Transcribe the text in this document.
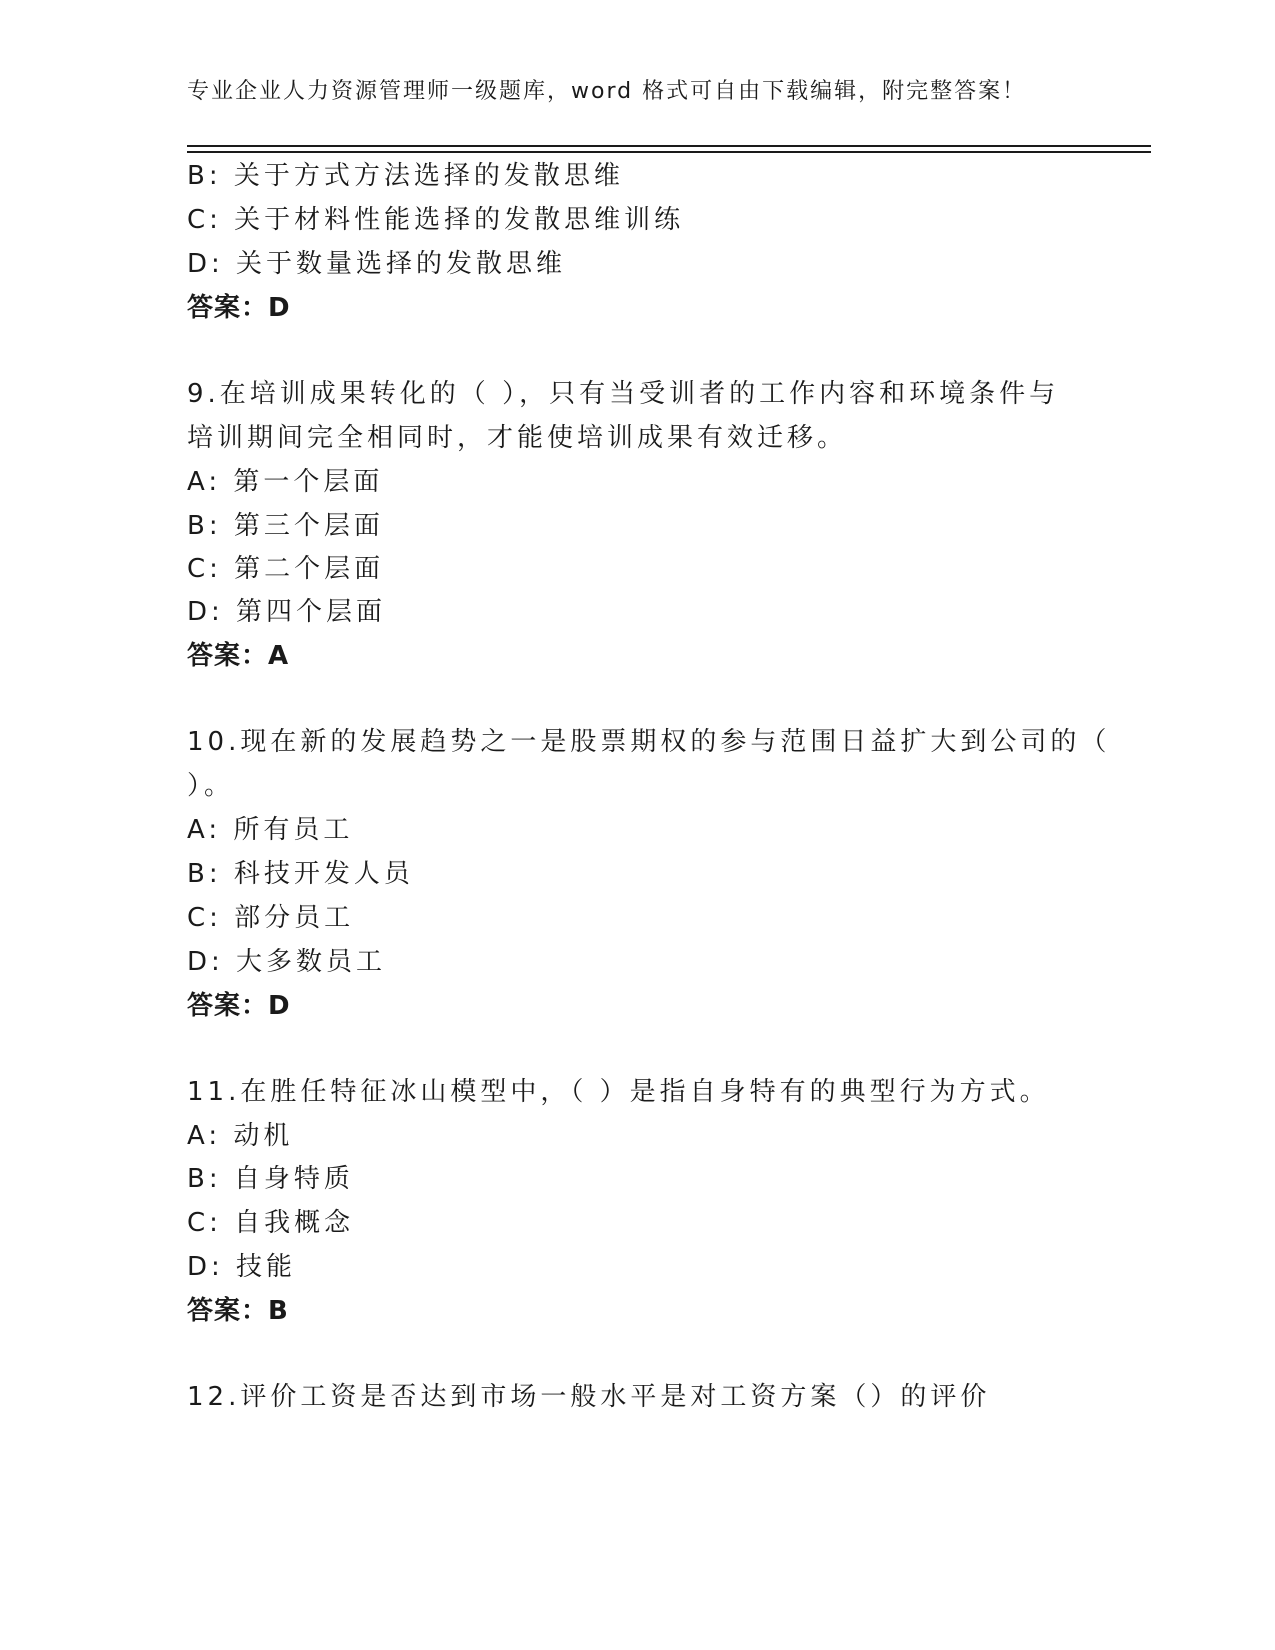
专业企业人力资源管理师一级题库，word 格式可自由下载编辑，附完整答案！
B: 关于方式方法选择的发散思维
C: 关于材料性能选择的发散思维训练
D: 关于数量选择的发散思维
答案：D
9.在培训成果转化的（ ），只有当受训者的工作内容和环境条件与
培训期间完全相同时，才能使培训成果有效迁移。
A: 第一个层面
B: 第三个层面
C: 第二个层面
D: 第四个层面
答案：A
10.现在新的发展趋势之一是股票期权的参与范围日益扩大到公司的（
）。
A: 所有员工
B: 科技开发人员
C: 部分员工
D: 大多数员工
答案：D
11.在胜任特征冰山模型中，（ ）是指自身特有的典型行为方式。
A: 动机
B: 自身特质
C: 自我概念
D: 技能
答案：B
12.评价工资是否达到市场一般水平是对工资方案（）的评价
